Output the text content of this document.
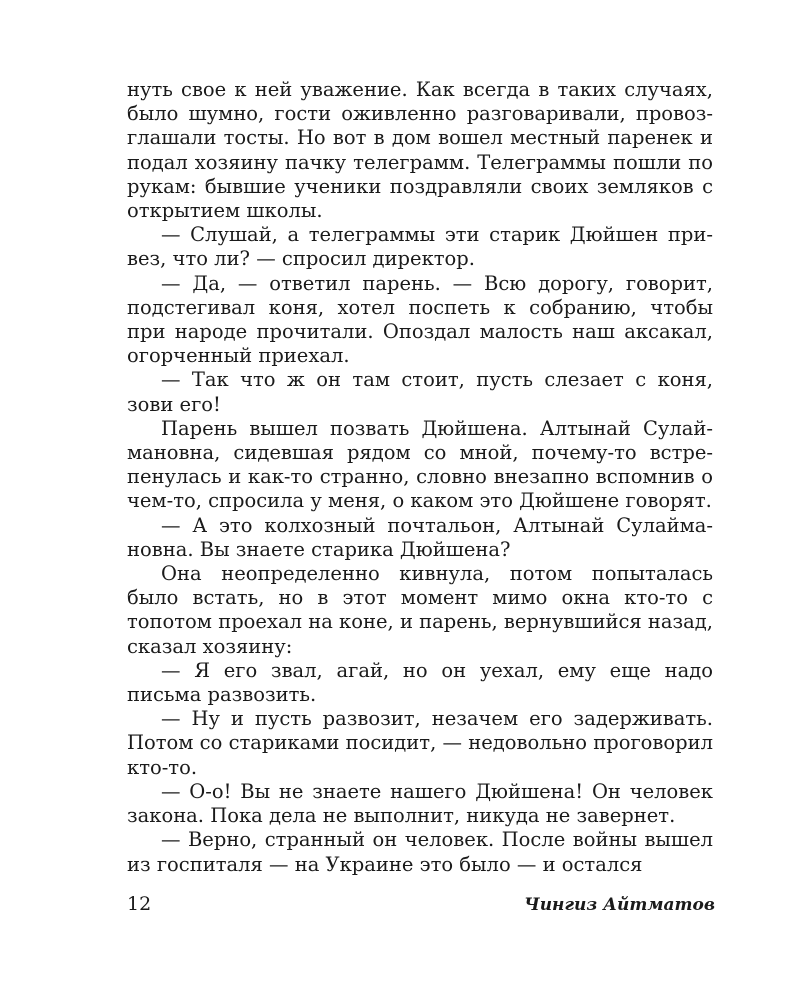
нуть свое к ней уважение. Как всегда в таких случаях, было шумно, гости оживленно разговаривали, провозглашали тосты. Но вот в дом вошел местный паренек и подал хозяину пачку телеграмм. Телеграммы пошли по рукам: бывшие ученики поздравляли своих земляков с открытием школы.

— Слушай, а телеграммы эти старик Дюйшен привез, что ли? — спросил директор.

— Да, — ответил парень. — Всю дорогу, говорит, подстегивал коня, хотел поспеть к собранию, чтобы при народе прочитали. Опоздал малость наш аксакал, огорченный приехал.

— Так что ж он там стоит, пусть слезает с коня, зови его!

Парень вышел позвать Дюйшена. Алтынай Сулаймановна, сидевшая рядом со мной, почему-то встрепенулась и как-то странно, словно внезапно вспомнив о чем-то, спросила у меня, о каком это Дюйшене говорят.

— А это колхозный почтальон, Алтынай Сулаймановна. Вы знаете старика Дюйшена?

Она неопределенно кивнула, потом попыталась было встать, но в этот момент мимо окна кто-то с топотом проехал на коне, и парень, вернувшийся назад, сказал хозяину:

— Я его звал, агай, но он уехал, ему еще надо письма развозить.

— Ну и пусть развозит, незачем его задерживать. Потом со стариками посидит, — недовольно проговорил кто-то.

— О-о! Вы не знаете нашего Дюйшена! Он человек закона. Пока дела не выполнит, никуда не завернет.

— Верно, странный он человек. После войны вышел из госпиталя — на Украине это было — и остался

12	Чингиз Айтматов
